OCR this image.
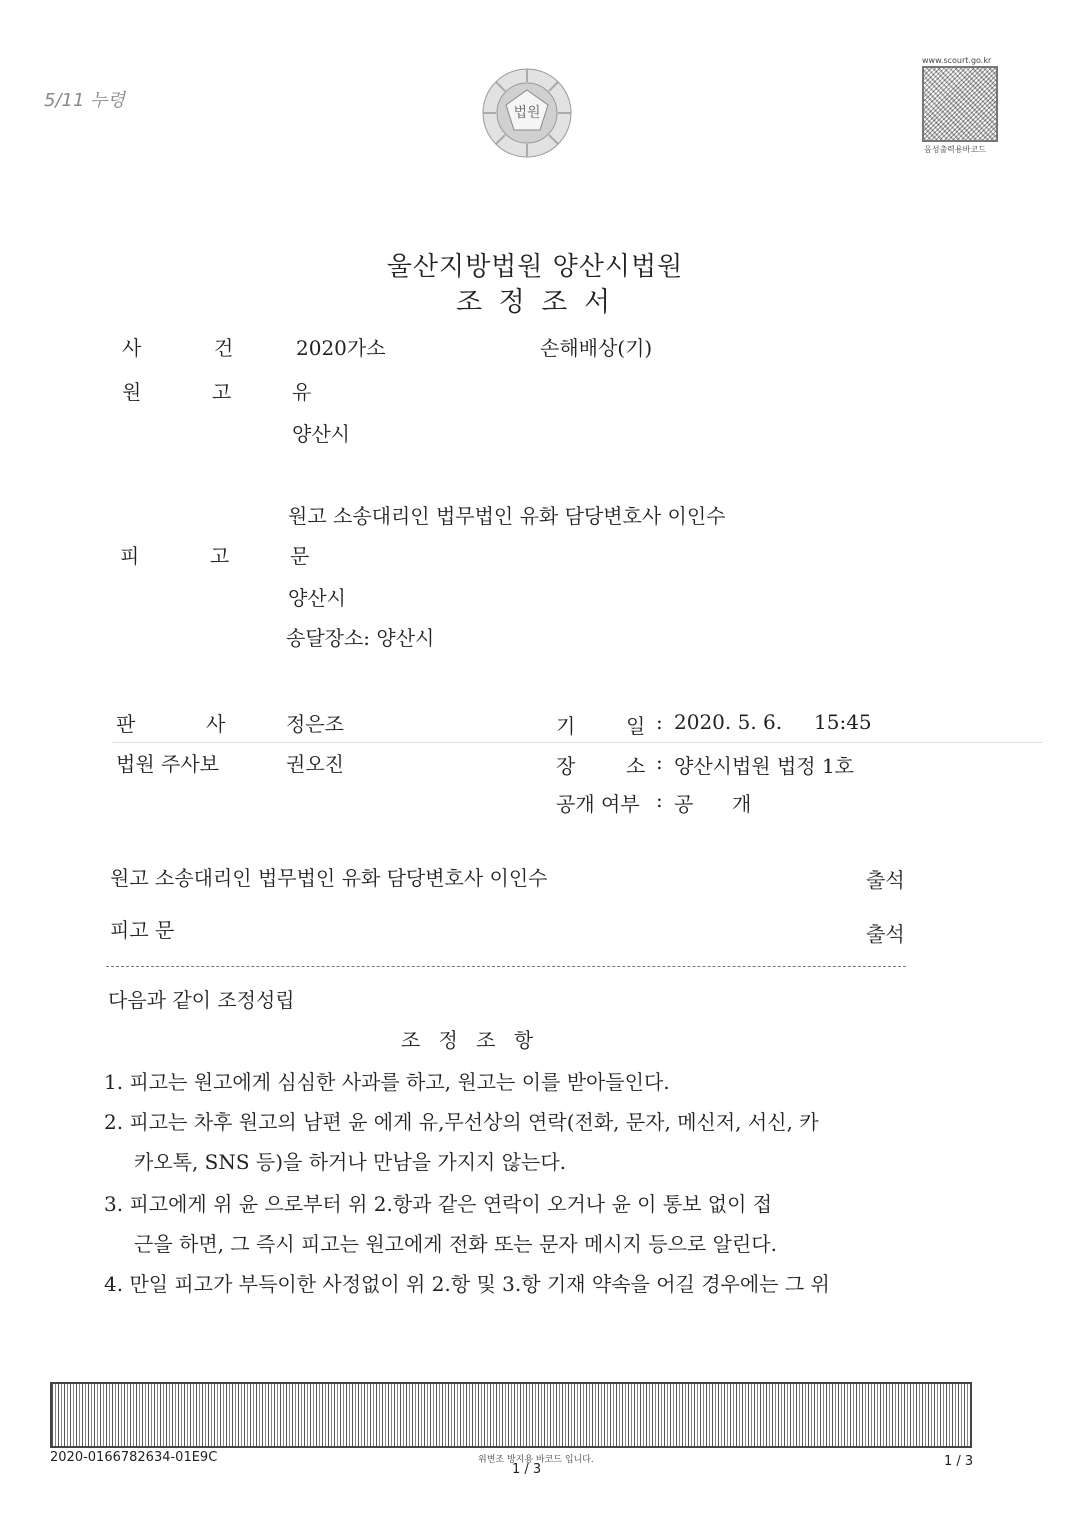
5/11 누령
법원
www.scourt.go.kr
음성출력용바코드
울산지방법원 양산시법원
조 정 조 서
사	건	2020가소	손해배상(기)
원	고	유
양산시
원고 소송대리인 법무법인 유화 담당변호사 이인수
피	고	문
양산시
송달장소: 양산시
판	사	정은조	기	일 : 2020. 5. 6. 15:45
법원 주사보	권오진	장	소 : 양산시법원 법정 1호
공개 여부 : 공 개
원고 소송대리인 법무법인 유화 담당변호사 이인수	출석
피고 문	출석
다음과 같이 조정성립
조 정 조 항
1. 피고는 원고에게 심심한 사과를 하고, 원고는 이를 받아들인다.
2. 피고는 차후 원고의 남편 윤 에게 유,무선상의 연락(전화, 문자, 메신저, 서신, 카
카오톡, SNS 등)을 하거나 만남을 가지지 않는다.
3. 피고에게 위 윤 으로부터 위 2.항과 같은 연락이 오거나 윤 이 통보 없이 접
근을 하면, 그 즉시 피고는 원고에게 전화 또는 문자 메시지 등으로 알린다.
4. 만일 피고가 부득이한 사정없이 위 2.항 및 3.항 기재 약속을 어길 경우에는 그 위
2020-0166782634-01E9C	위변조 방지용 바코드 입니다.
1 / 3
1 / 3
